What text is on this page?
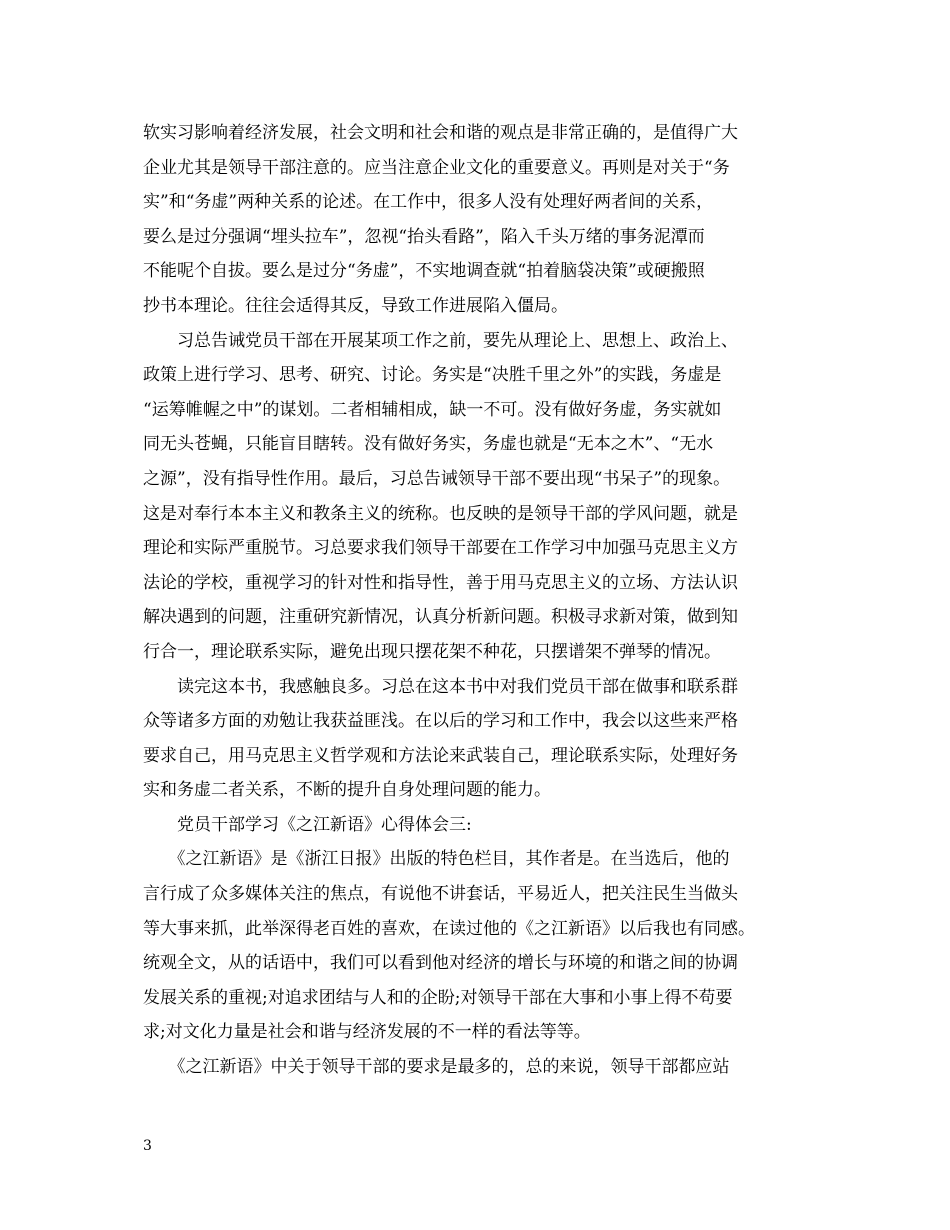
软实习影响着经济发展，社会文明和社会和谐的观点是非常正确的，是值得广大
企业尤其是领导干部注意的。应当注意企业文化的重要意义。再则是对关于“务
实”和“务虚”两种关系的论述。在工作中，很多人没有处理好两者间的关系，
要么是过分强调“埋头拉车”，忽视“抬头看路”，陷入千头万绪的事务泥潭而
不能呢个自拔。要么是过分“务虚”，不实地调查就“拍着脑袋决策”或硬搬照
抄书本理论。往往会适得其反，导致工作进展陷入僵局。

　　习总告诫党员干部在开展某项工作之前，要先从理论上、思想上、政治上、
政策上进行学习、思考、研究、讨论。务实是“决胜千里之外”的实践，务虚是
“运筹帷幄之中”的谋划。二者相辅相成，缺一不可。没有做好务虚，务实就如
同无头苍蝇，只能盲目瞎转。没有做好务实，务虚也就是“无本之木”、“无水
之源”，没有指导性作用。最后，习总告诫领导干部不要出现“书呆子”的现象。
这是对奉行本本主义和教条主义的统称。也反映的是领导干部的学风问题，就是
理论和实际严重脱节。习总要求我们领导干部要在工作学习中加强马克思主义方
法论的学校，重视学习的针对性和指导性，善于用马克思主义的立场、方法认识
解决遇到的问题，注重研究新情况，认真分析新问题。积极寻求新对策，做到知
行合一，理论联系实际，避免出现只摆花架不种花，只摆谱架不弹琴的情况。

　　读完这本书，我感触良多。习总在这本书中对我们党员干部在做事和联系群
众等诸多方面的劝勉让我获益匪浅。在以后的学习和工作中，我会以这些来严格
要求自己，用马克思主义哲学观和方法论来武装自己，理论联系实际，处理好务
实和务虚二者关系，不断的提升自身处理问题的能力。

　　党员干部学习《之江新语》心得体会三:

　　《之江新语》是《浙江日报》出版的特色栏目，其作者是。在当选后，他的
言行成了众多媒体关注的焦点，有说他不讲套话，平易近人，把关注民生当做头
等大事来抓，此举深得老百姓的喜欢，在读过他的《之江新语》以后我也有同感。
统观全文，从的话语中，我们可以看到他对经济的增长与环境的和谐之间的协调
发展关系的重视;对追求团结与人和的企盼;对领导干部在大事和小事上得不苟要
求;对文化力量是社会和谐与经济发展的不一样的看法等等。

　　《之江新语》中关于领导干部的要求是最多的，总的来说，领导干部都应站

3
